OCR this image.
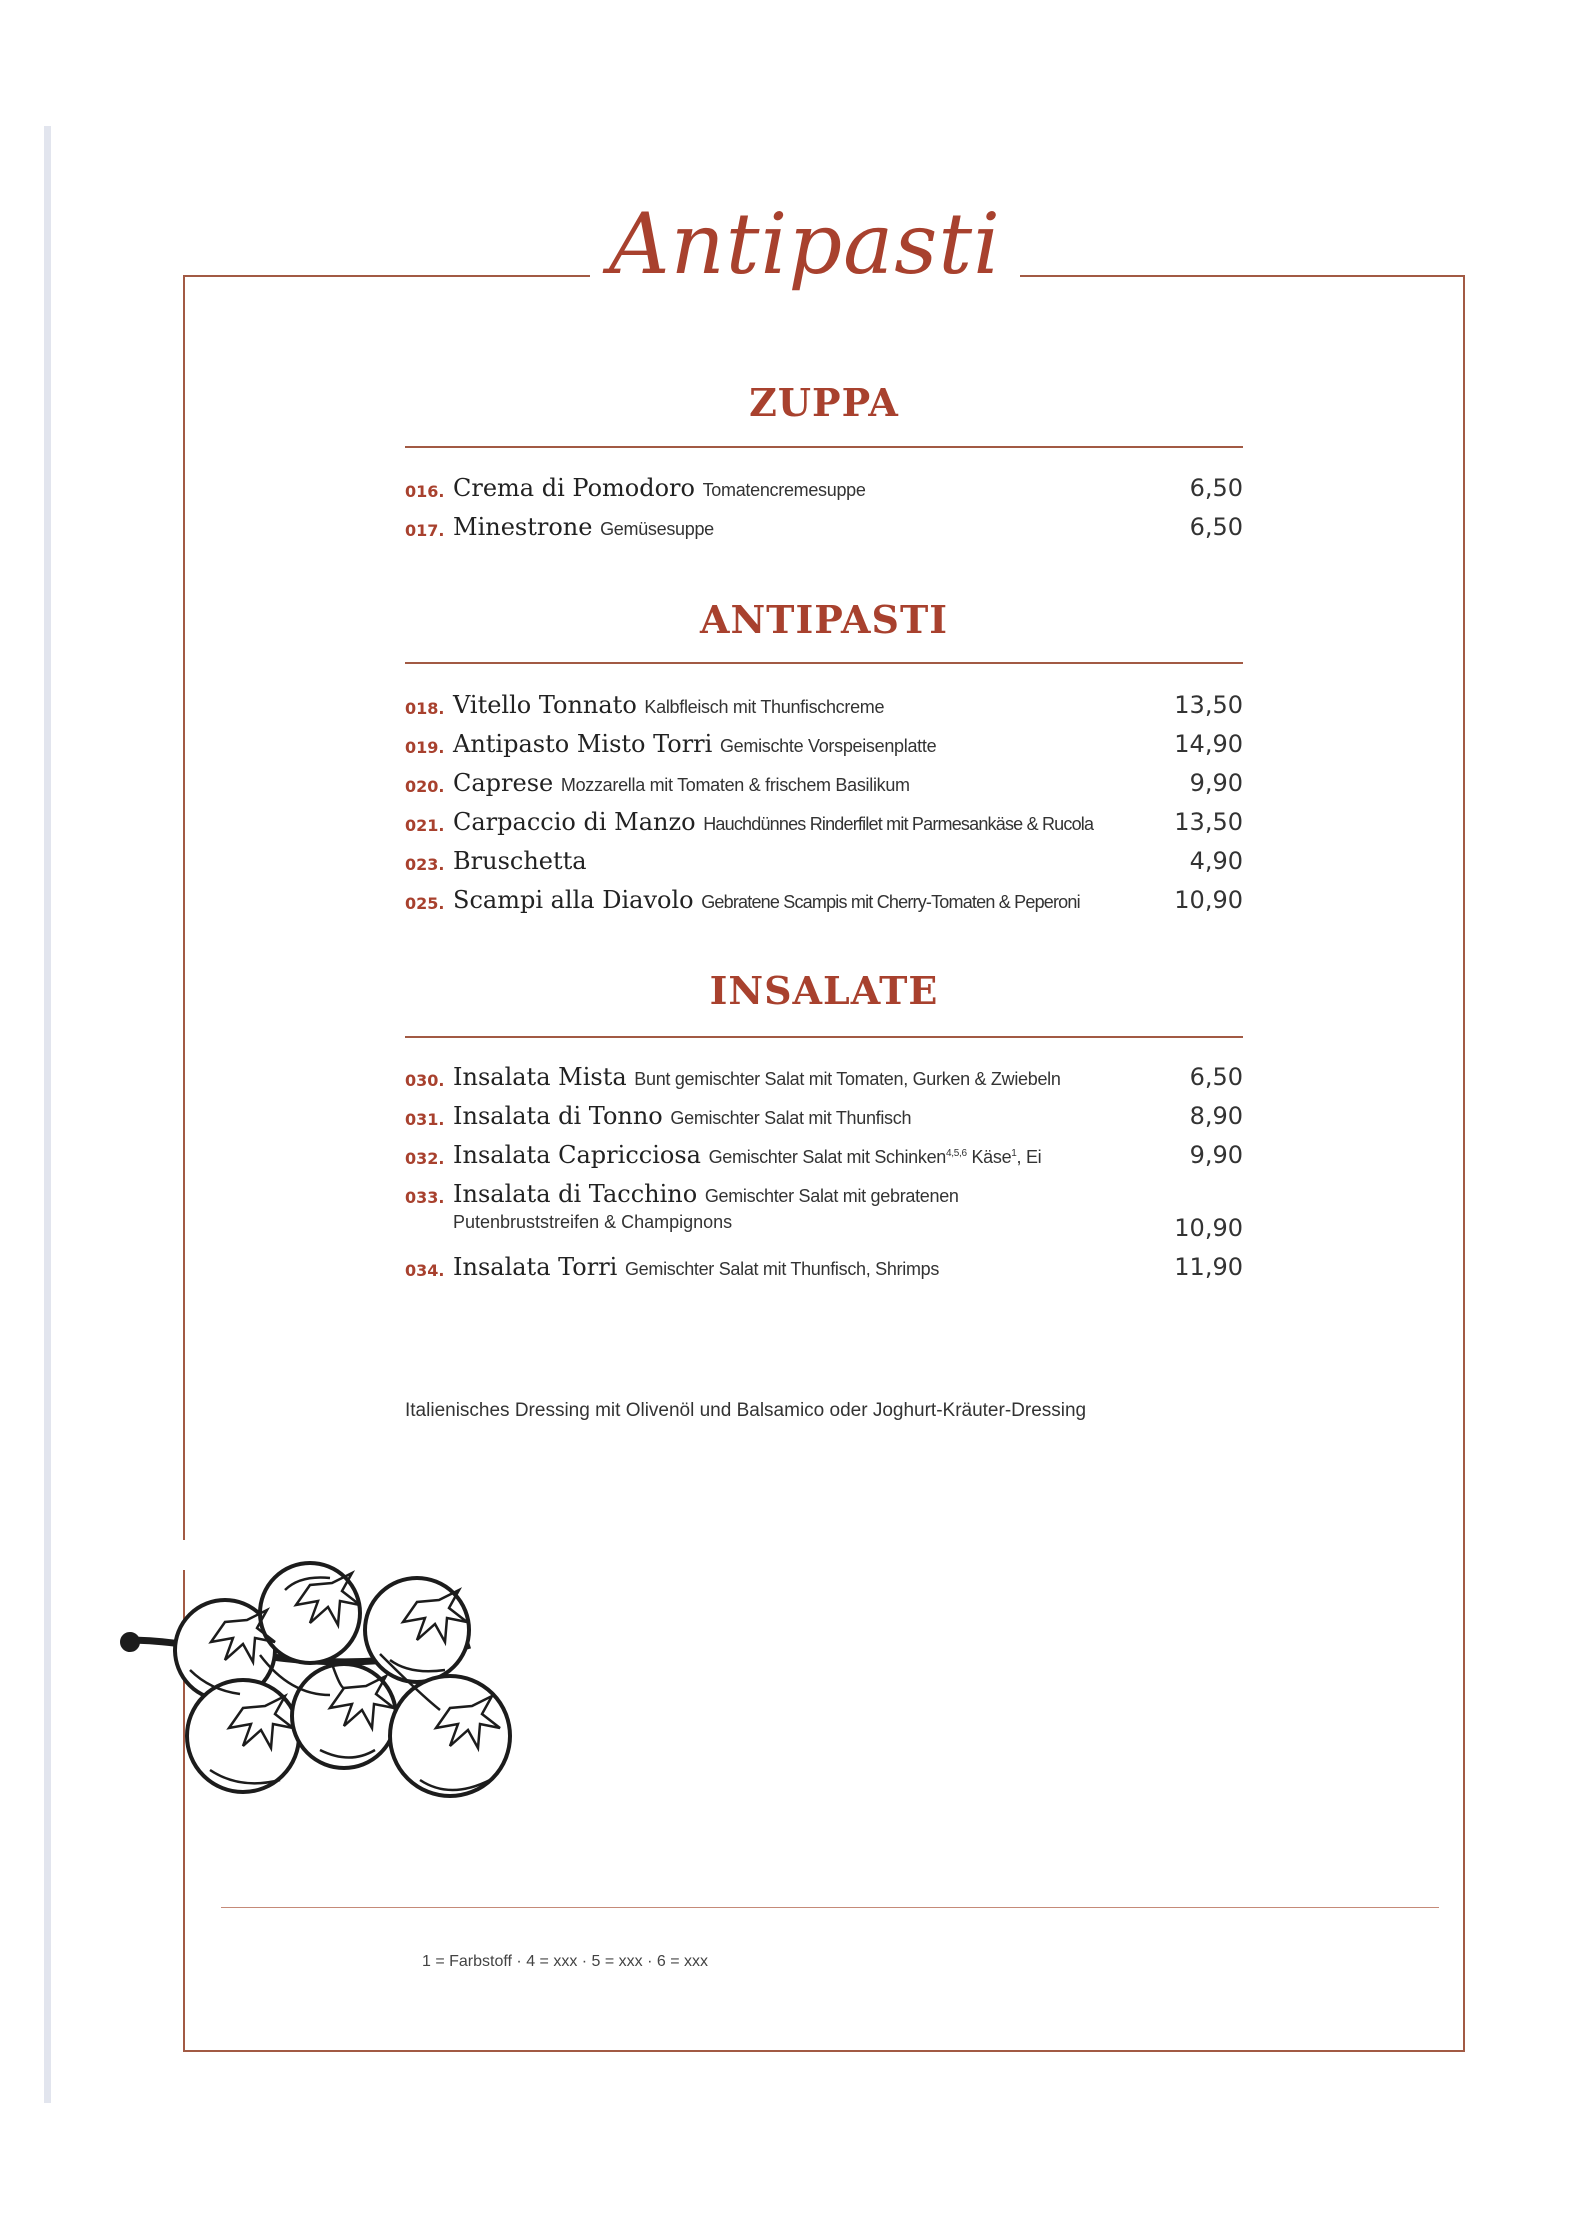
Antipasti
ZUPPA
016. Crema di Pomodoro Tomatencremesuppe	6,50
017. Minestrone Gemüsesuppe	6,50
ANTIPASTI
018. Vitello Tonnato Kalbfleisch mit Thunfischcreme	13,50
019. Antipasto Misto Torri Gemischte Vorspeisenplatte	14,90
020. Caprese Mozzarella mit Tomaten & frischem Basilikum	9,90
021. Carpaccio di Manzo Hauchdünnes Rinderfilet mit Parmesankäse & Rucola	13,50
023. Bruschetta	4,90
025. Scampi alla Diavolo Gebratene Scampis mit Cherry-Tomaten & Peperoni	10,90
INSALATE
030. Insalata Mista Bunt gemischter Salat mit Tomaten, Gurken & Zwiebeln	6,50
031. Insalata di Tonno Gemischter Salat mit Thunfisch	8,90
032. Insalata Capricciosa Gemischter Salat mit Schinken$^{4,5,6}$ Käse$^1$, Ei	9,90
033. Insalata di Tacchino Gemischter Salat mit gebratenen
Putenbruststreifen & Champignons	10,90
034. Insalata Torri Gemischter Salat mit Thunfisch, Shrimps	11,90
Italienisches Dressing mit Olivenöl und Balsamico oder Joghurt-Kräuter-Dressing
1 = Farbstoff · 4 = xxx · 5 = xxx · 6 = xxx
